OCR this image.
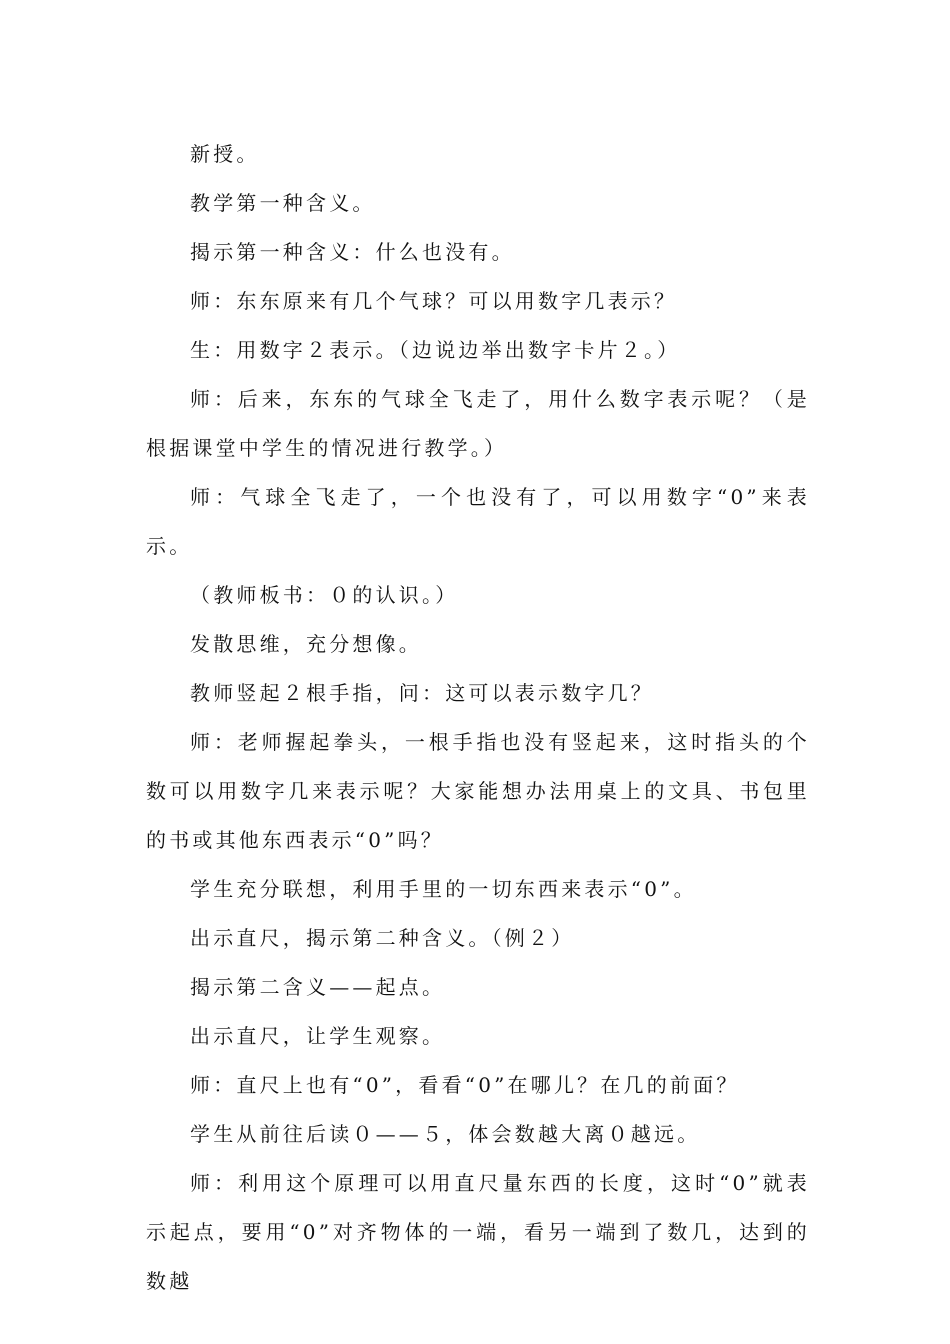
新授。

教学第一种含义。

揭示第一种含义：什么也没有。

师：东东原来有几个气球？可以用数字几表示？

生：用数字２表示。（边说边举出数字卡片２。）

师：后来，东东的气球全飞走了，用什么数字表示呢？（是根据课堂中学生的情况进行教学。）

师：气球全飞走了，一个也没有了，可以用数字“0”来表示。

（教师板书：０的认识。）

发散思维，充分想像。

教师竖起２根手指，问：这可以表示数字几？

师：老师握起拳头，一根手指也没有竖起来，这时指头的个数可以用数字几来表示呢？大家能想办法用桌上的文具、书包里的书或其他东西表示“0”吗？

学生充分联想，利用手里的一切东西来表示“0”。

出示直尺，揭示第二种含义。（例２）

揭示第二含义——起点。

出示直尺，让学生观察。

师：直尺上也有“0”，看看“0”在哪儿？在几的前面？

学生从前往后读０——５，体会数越大离０越远。

师：利用这个原理可以用直尺量东西的长度，这时“0”就表示起点，要用“0”对齐物体的一端，看另一端到了数几，达到的数越
